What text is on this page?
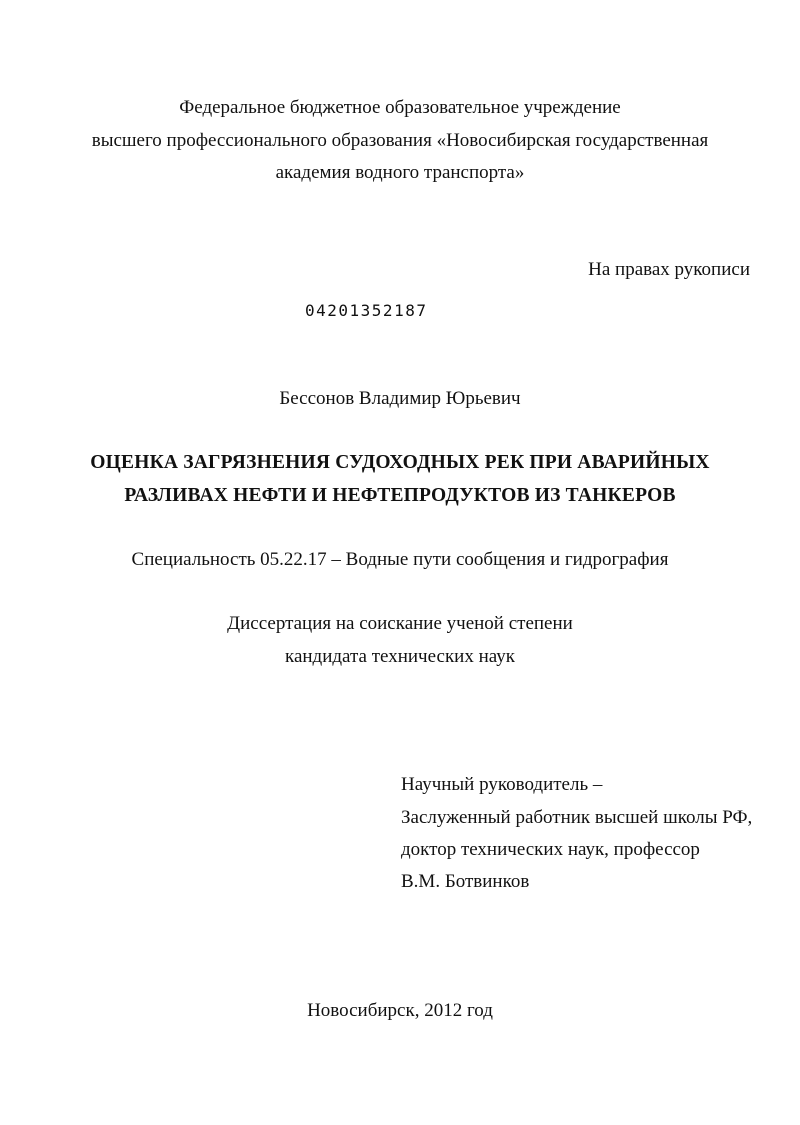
Федеральное бюджетное образовательное учреждение
высшего профессионального образования «Новосибирская государственная
академия водного транспорта»
На правах рукописи
04201352187
Бессонов Владимир Юрьевич
ОЦЕНКА ЗАГРЯЗНЕНИЯ СУДОХОДНЫХ РЕК ПРИ АВАРИЙНЫХ
РАЗЛИВАХ НЕФТИ И НЕФТЕПРОДУКТОВ ИЗ ТАНКЕРОВ
Специальность 05.22.17 – Водные пути сообщения и гидрография
Диссертация на соискание ученой степени
кандидата технических наук
Научный руководитель –
Заслуженный работник высшей школы РФ,
доктор технических наук, профессор
В.М. Ботвинков
Новосибирск, 2012 год
